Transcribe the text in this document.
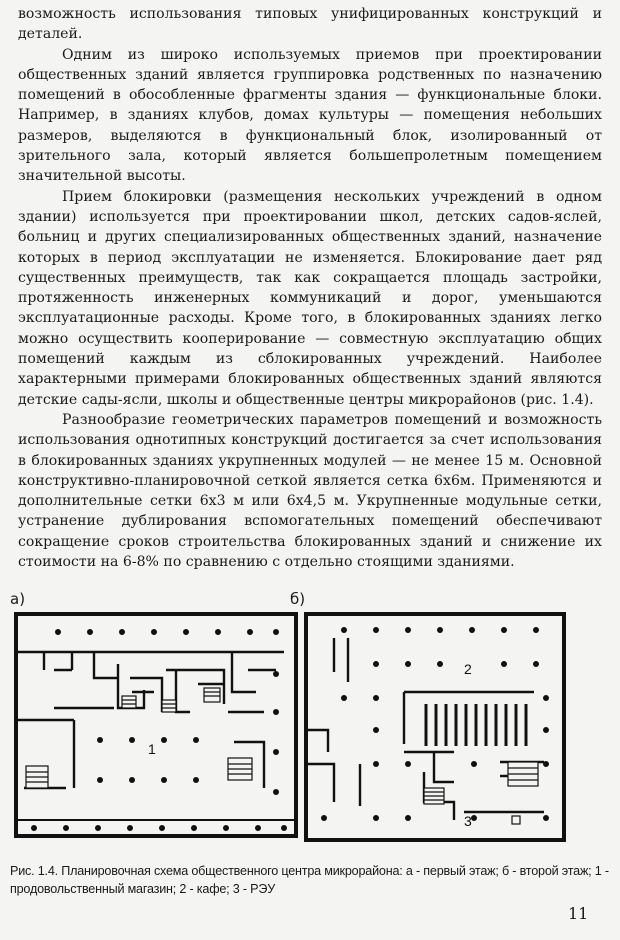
возможность использования типовых унифицированных конструкций и деталей.

Одним из широко используемых приемов при проектировании общественных зданий является группировка родственных по назначению помещений в обособленные фрагменты здания — функциональные блоки. Например, в зданиях клубов, домах культуры — помещения небольших размеров, выделяются в функциональный блок, изолированный от зрительного зала, который является большепролетным помещением значительной высоты.

Прием блокировки (размещения нескольких учреждений в одном здании) используется при проектировании школ, детских садов-яслей, больниц и других специализированных общественных зданий, назначение которых в период эксплуатации не изменяется. Блокирование дает ряд существенных преимуществ, так как сокращается площадь застройки, протяженность инженерных коммуникаций и дорог, уменьшаются эксплуатационные расходы. Кроме того, в блокированных зданиях легко можно осуществить кооперирование — совместную эксплуатацию общих помещений каждым из сблокированных учреждений. Наиболее характерными примерами блокированных общественных зданий являются детские сады-ясли, школы и общественные центры микрорайонов (рис. 1.4).

Разнообразие геометрических параметров помещений и возможность использования однотипных конструкций достигается за счет использования в блокированных зданиях укрупненных модулей — не менее 15 м. Основной конструктивно-планировочной сеткой является сетка 6х6м. Применяются и дополнительные сетки 6х3 м или 6х4,5 м. Укрупненные модульные сетки, устранение дублирования вспомогательных помещений обеспечивают сокращение сроков строительства блокированных зданий и снижение их стоимости на 6-8% по сравнению с отдельно стоящими зданиями.

а)	б)
1
2
3
Рис. 1.4. Планировочная схема общественного центра микрорайона: а - первый этаж; б - второй этаж; 1 - продовольственный магазин; 2 - кафе; 3 - РЭУ
11
